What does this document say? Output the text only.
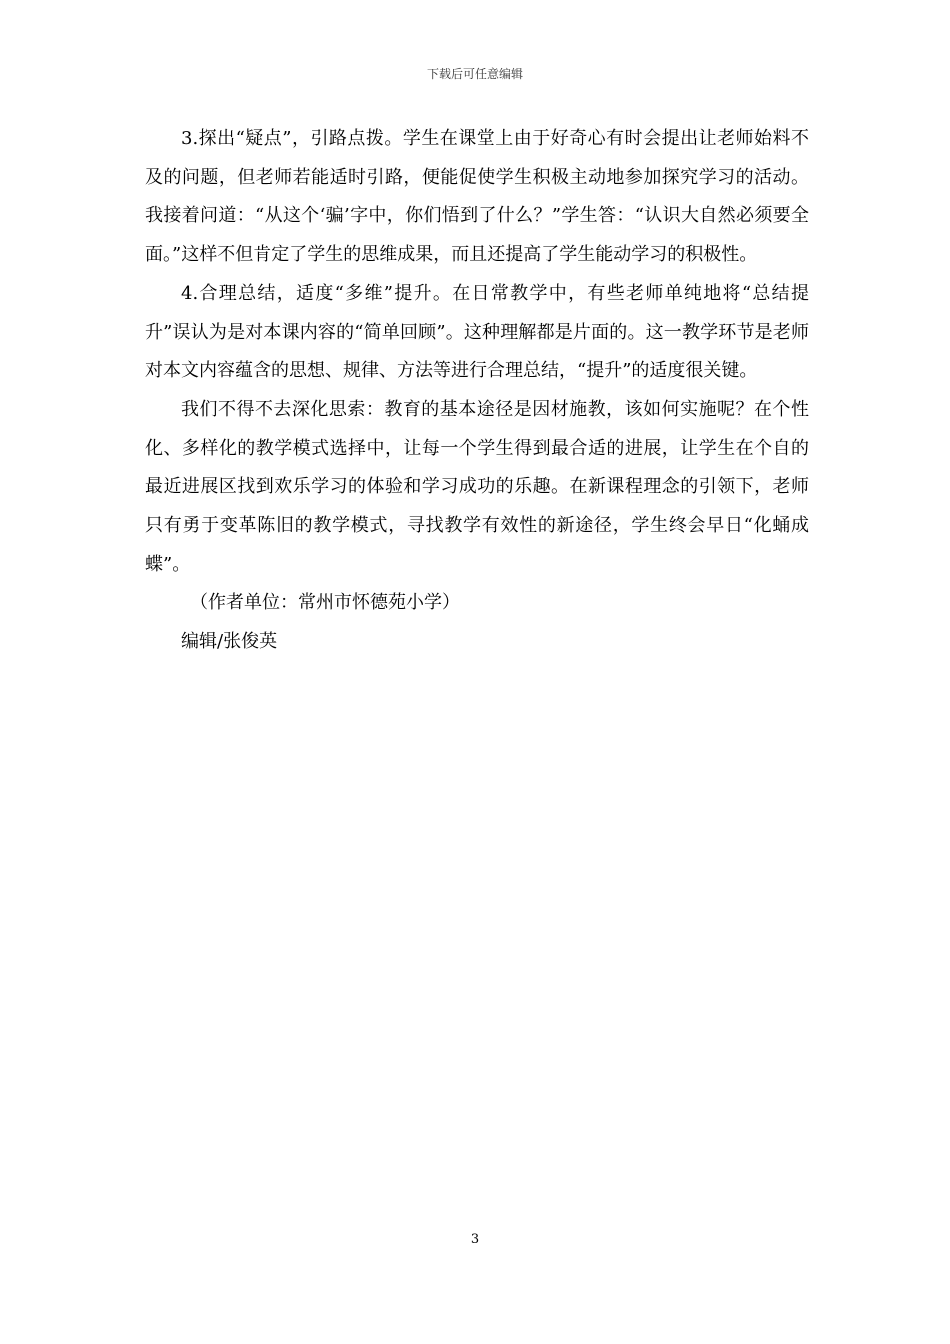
下载后可任意编辑

3.探出“疑点”，引路点拨。学生在课堂上由于好奇心有时会提出让老师始料不及的问题，但老师若能适时引路，便能促使学生积极主动地参加探究学习的活动。我接着问道：“从这个‘骗’字中，你们悟到了什么？”学生答：“认识大自然必须要全面。”这样不但肯定了学生的思维成果，而且还提高了学生能动学习的积极性。

4.合理总结，适度“多维”提升。在日常教学中，有些老师单纯地将“总结提升”误认为是对本课内容的“简单回顾”。这种理解都是片面的。这一教学环节是老师对本文内容蕴含的思想、规律、方法等进行合理总结，“提升”的适度很关键。

我们不得不去深化思索：教育的基本途径是因材施教，该如何实施呢？在个性化、多样化的教学模式选择中，让每一个学生得到最合适的进展，让学生在个自的最近进展区找到欢乐学习的体验和学习成功的乐趣。在新课程理念的引领下，老师只有勇于变革陈旧的教学模式，寻找教学有效性的新途径，学生终会早日“化蛹成蝶”。

（作者单位：常州市怀德苑小学）

编辑/张俊英

3
